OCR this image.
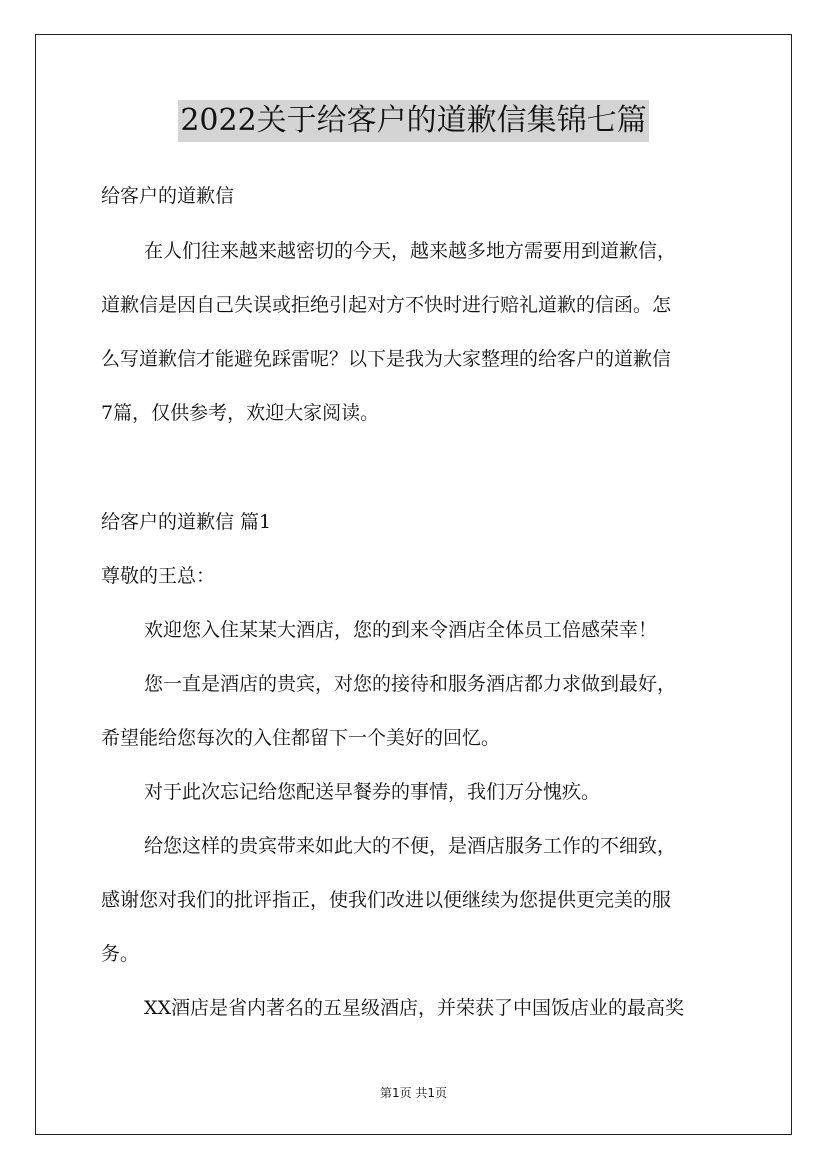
2022关于给客户的道歉信集锦七篇
给客户的道歉信
在人们往来越来越密切的今天，越来越多地方需要用到道歉信，
道歉信是因自己失误或拒绝引起对方不快时进行赔礼道歉的信函。怎
么写道歉信才能避免踩雷呢？以下是我为大家整理的给客户的道歉信
7篇，仅供参考，欢迎大家阅读。
给客户的道歉信 篇1
尊敬的王总：
欢迎您入住某某大酒店，您的到来令酒店全体员工倍感荣幸！
您一直是酒店的贵宾，对您的接待和服务酒店都力求做到最好，
希望能给您每次的入住都留下一个美好的回忆。
对于此次忘记给您配送早餐券的事情，我们万分愧疚。
给您这样的贵宾带来如此大的不便，是酒店服务工作的不细致，
感谢您对我们的批评指正，使我们改进以便继续为您提供更完美的服
务。
XX酒店是省内著名的五星级酒店，并荣获了中国饭店业的最高奖
第1页 共1页
